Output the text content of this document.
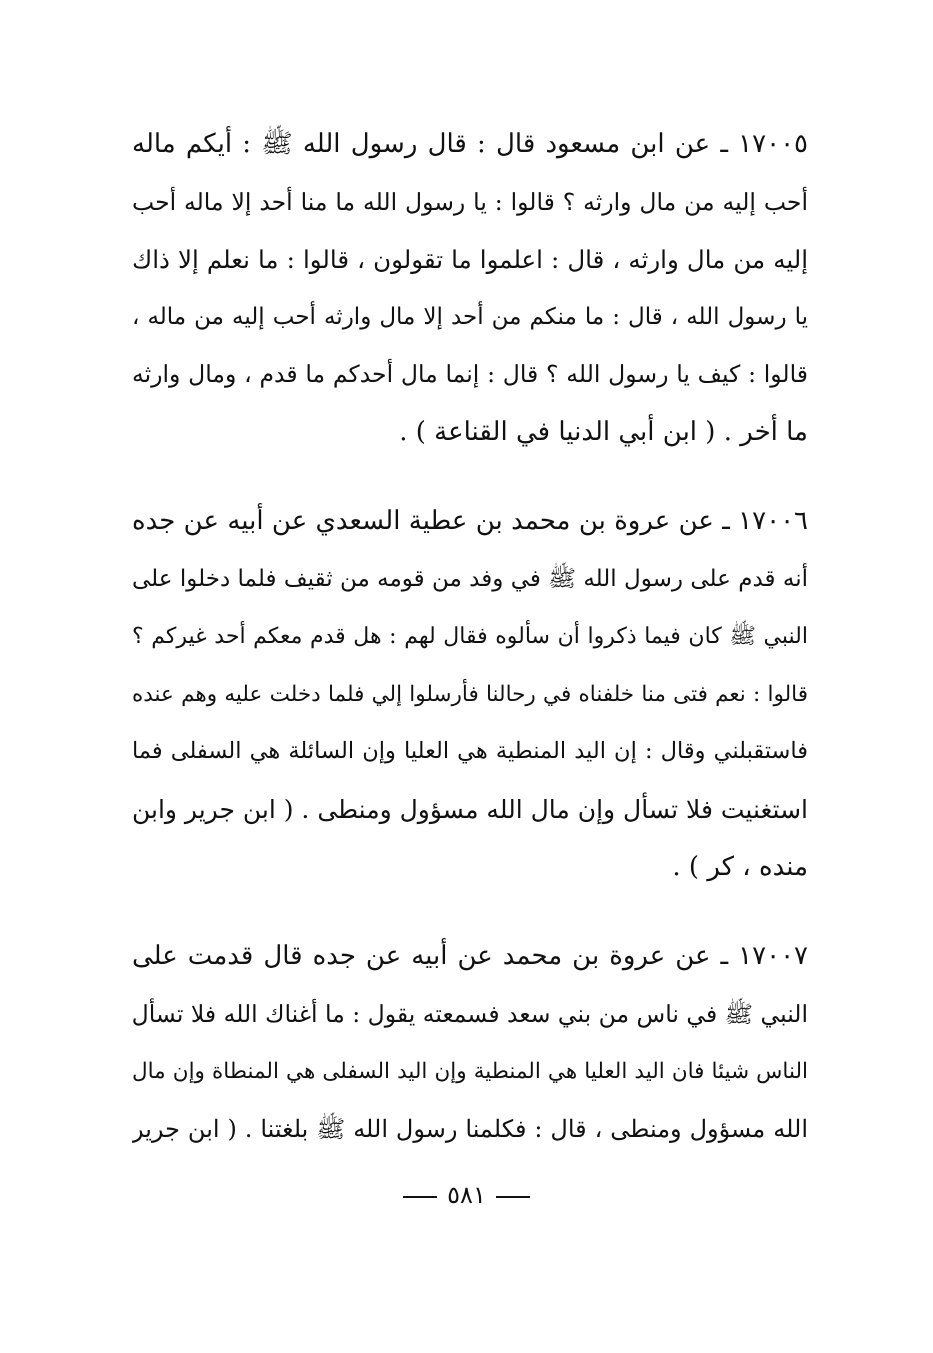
١٧٠٠٥ ـ عن ابن مسعود قال : قال رسول الله ﷺ : أيكم ماله
أحب إليه من مال وارثه ؟ قالوا : يا رسول الله ما منا أحد إلا ماله أحب
إليه من مال وارثه ، قال : اعلموا ما تقولون ، قالوا : ما نعلم إلا ذاك
يا رسول الله ، قال : ما منكم من أحد إلا مال وارثه أحب إليه من ماله ،
قالوا : كيف يا رسول الله ؟ قال : إنما مال أحدكم ما قدم ، ومال وارثه
ما أخر . ( ابن أبي الدنيا في القناعة ) .
١٧٠٠٦ ـ عن عروة بن محمد بن عطية السعدي عن أبيه عن جده
أنه قدم على رسول الله ﷺ في وفد من قومه من ثقيف فلما دخلوا على
النبي ﷺ كان فيما ذكروا أن سألوه فقال لهم : هل قدم معكم أحد غيركم ؟
قالوا : نعم فتى منا خلفناه في رحالنا فأرسلوا إلي فلما دخلت عليه وهم عنده
فاستقبلني وقال : إن اليد المنطية هي العليا وإن السائلة هي السفلى فما
استغنيت فلا تسأل وإن مال الله مسؤول ومنطى . ( ابن جرير وابن
منده ، كر ) .
١٧٠٠٧ ـ عن عروة بن محمد عن أبيه عن جده قال قدمت على
النبي ﷺ في ناس من بني سعد فسمعته يقول : ما أغناك الله فلا تسأل
الناس شيئا فان اليد العليا هي المنطية وإن اليد السفلى هي المنطاة وإن مال
الله مسؤول ومنطى ، قال : فكلمنا رسول الله ﷺ بلغتنا . ( ابن جرير
٥٨١
